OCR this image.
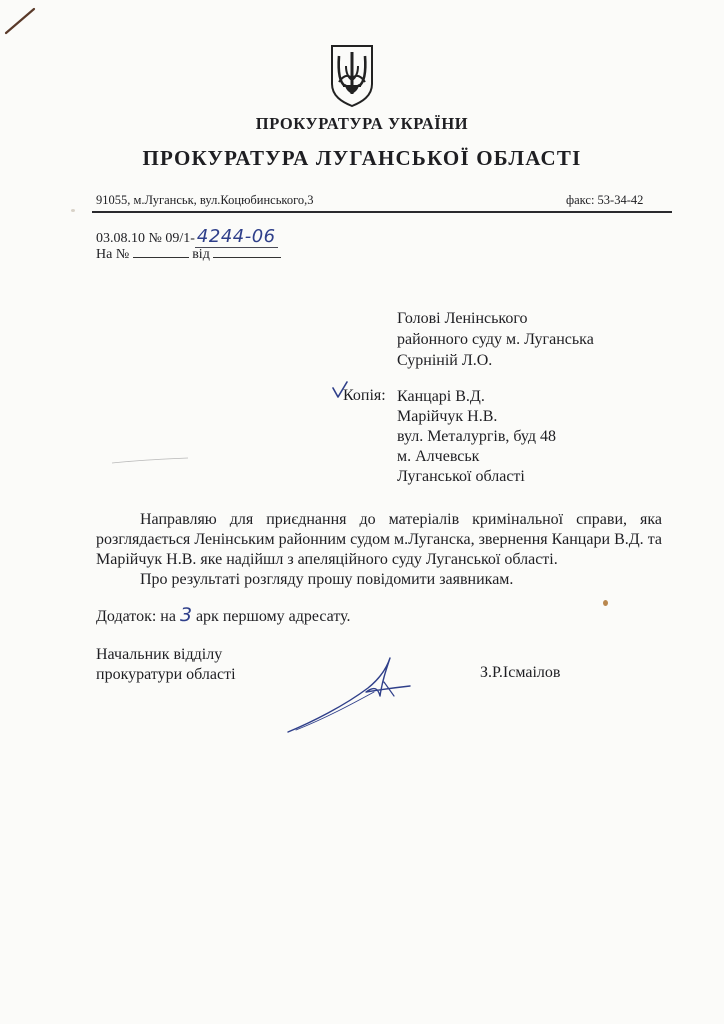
ПРОКУРАТУРА УКРАЇНИ
ПРОКУРАТУРА ЛУГАНСЬКОЇ ОБЛАСТІ
91055, м.Луганськ, вул.Коцюбинського,3	факс: 53-34-42
03.08.10 № 09/1- 4244-06
На №	від
Голові Ленінського
районного суду м. Луганська
Сурніній Л.О.
Копія: Канцарі В.Д.
Марійчук Н.В.
вул. Металургів, буд 48
м. Алчевськ
Луганської області

Направляю для приєднання до матеріалів кримінальної справи, яка розглядається Ленінським районним судом м.Луганска, звернення Канцари В.Д. та Марійчук Н.В. яке надійшл з апеляційного суду Луганської області.

Про результаті розгляду прошу повідомити заявникам.

Додаток: на 3 арк першому адресату.
Начальник відділу
прокуратури області	З.Р.Ісмаілов
